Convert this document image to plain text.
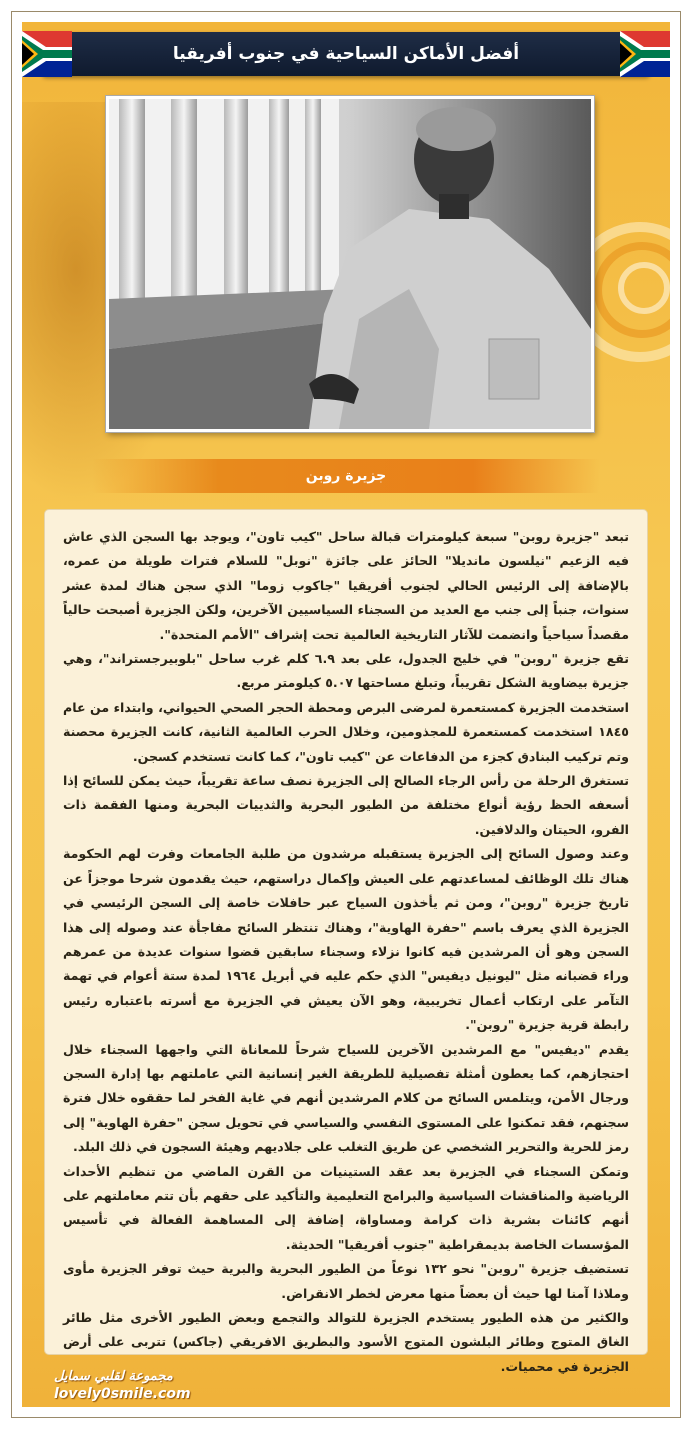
أفضل الأماكن السياحية في جنوب أفريقيا
جزيرة روبن

تبعد "جزيرة روبن" سبعة كيلومترات قبالة ساحل "كيب تاون"، ويوجد بها السجن الذي عاش فيه الزعيم "نيلسون مانديلا" الحائز على جائزة "نوبل" للسلام فترات طويلة من عمره، بالإضافة إلى الرئيس الحالي لجنوب أفريقيا "جاكوب زوما" الذي سجن هناك لمدة عشر سنوات، جنباً إلى جنب مع العديد من السجناء السياسيين الآخرين، ولكن الجزيرة أصبحت حالياً مقصداً سياحياً وانضمت للآثار التاريخية العالمية تحت إشراف "الأمم المتحدة".

تقع جزيرة "روبن" في خليج الجدول، على بعد ٦.٩ كلم غرب ساحل "بلوبيرجستراند"، وهي جزيرة بيضاوية الشكل تقريباً، وتبلغ مساحتها ٥.٠٧ كيلومتر مربع.

استخدمت الجزيرة كمستعمرة لمرضى البرص ومحطة الحجر الصحي الحيواني، وابتداء من عام ١٨٤٥ استخدمت كمستعمرة للمجذومين، وخلال الحرب العالمية الثانية، كانت الجزيرة محصنة وتم تركيب البنادق كجزء من الدفاعات عن "كيب تاون"، كما كانت تستخدم كسجن.

تستغرق الرحلة من رأس الرجاء الصالح إلى الجزيرة نصف ساعة تقريباً، حيث يمكن للسائح إذا أسعفه الحظ رؤية أنواع مختلفة من الطيور البحرية والثدييات البحرية ومنها الفقمة ذات الفرو، الحيتان والدلافين.

وعند وصول السائح إلى الجزيرة يستقبله مرشدون من طلبة الجامعات وفرت لهم الحكومة هناك تلك الوظائف لمساعدتهم على العيش وإكمال دراستهم، حيث يقدمون شرحا موجزاً عن تاريخ جزيرة "روبن"، ومن ثم يأخذون السياح عبر حافلات خاصة إلى السجن الرئيسي في الجزيرة الذي يعرف باسم "حفرة الهاوية"، وهناك تنتظر السائح مفاجأة عند وصوله إلى هذا السجن وهو أن المرشدين فيه كانوا نزلاء وسجناء سابقين قضوا سنوات عديدة من عمرهم وراء قضبانه مثل "ليونيل ديفيس" الذي حكم عليه في أبريل ١٩٦٤ لمدة ستة أعوام في تهمة التآمر على ارتكاب أعمال تخريبية، وهو الآن يعيش في الجزيرة مع أسرته باعتباره رئيس رابطة قرية جزيرة "روبن".

يقدم "ديفيس" مع المرشدين الآخرين للسياح شرحاً للمعاناة التي واجهها السجناء خلال احتجازهم، كما يعطون أمثلة تفصيلية للطريقة الغير إنسانية التي عاملتهم بها إدارة السجن ورجال الأمن، ويتلمس السائح من كلام المرشدين أنهم في غاية الفخر لما حققوه خلال فترة سجنهم، فقد تمكنوا على المستوى النفسي والسياسي في تحويل سجن "حفرة الهاوية" إلى رمز للحرية والتحرير الشخصي عن طريق التغلب على جلاديهم وهيئة السجون في ذلك البلد.

وتمكن السجناء في الجزيرة بعد عقد الستينيات من القرن الماضي من تنظيم الأحداث الرياضية والمناقشات السياسية والبرامج التعليمية والتأكيد على حقهم بأن تتم معاملتهم على أنهم كائنات بشرية ذات كرامة ومساواة، إضافة إلى المساهمة الفعالة في تأسيس المؤسسات الخاصة بديمقراطية "جنوب أفريقيا" الحديثة.

تستضيف جزيرة "روبن" نحو ١٣٢ نوعاً من الطيور البحرية والبرية حيث توفر الجزيرة مأوى وملاذا آمنا لها حيث أن بعضاً منها معرض لخطر الانقراض.

والكثير من هذه الطيور يستخدم الجزيرة للتوالد والتجمع وبعض الطيور الأخرى مثل طائر الغاق المتوج وطائر البلشون المتوج الأسود والبطريق الافريقي (جاكس) تتربى على أرض الجزيرة في محميات.

مجموعة لقلبي سمايل
lovely0smile.com
